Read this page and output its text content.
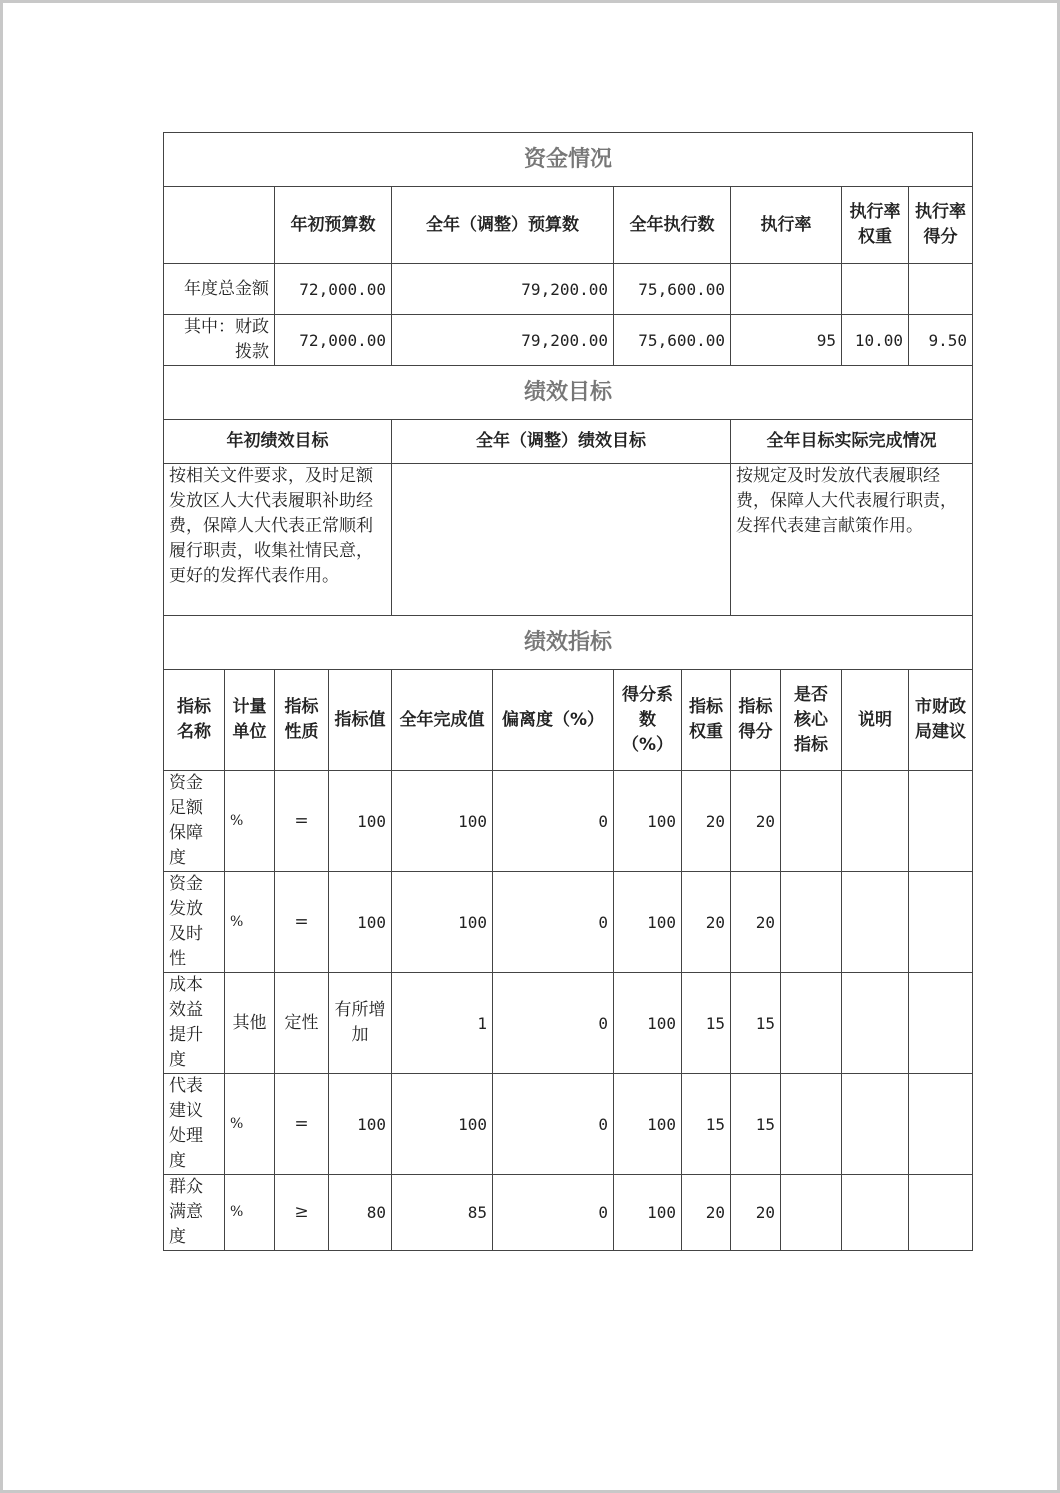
资金情况											
		年初预算数		全年（调整）预算数		全年执行数		执行率		执行率权重	执行率得分
年度总金额		72,000.00		79,200.00		75,600.00					
其中：财政拨款		72,000.00		79,200.00		75,600.00		95		10.00	9.50
绩效目标											
年初绩效目标				全年（调整）绩效目标				全年目标实际完成情况			
按相关文件要求，及时足额发放区人大代表履职补助经费，保障人大代表正常顺利履行职责，收集社情民意，更好的发挥代表作用。								按规定及时发放代表履职经费，保障人大代表履行职责，发挥代表建言献策作用。			
绩效指标											
指标名称	计量单位	指标性质	指标值	全年完成值	偏离度（%）	得分系数（%）	指标权重	指标得分	是否核心指标	说明	市财政局建议
资金足额保障度	%	=	100	100	0	100	20	20			
资金发放及时性	%	=	100	100	0	100	20	20			
成本效益提升度	其他	定性	有所增加	1	0	100	15	15			
代表建议处理度	%	=	100	100	0	100	15	15			
群众满意度	%	≥	80	85	0	100	20	20			
